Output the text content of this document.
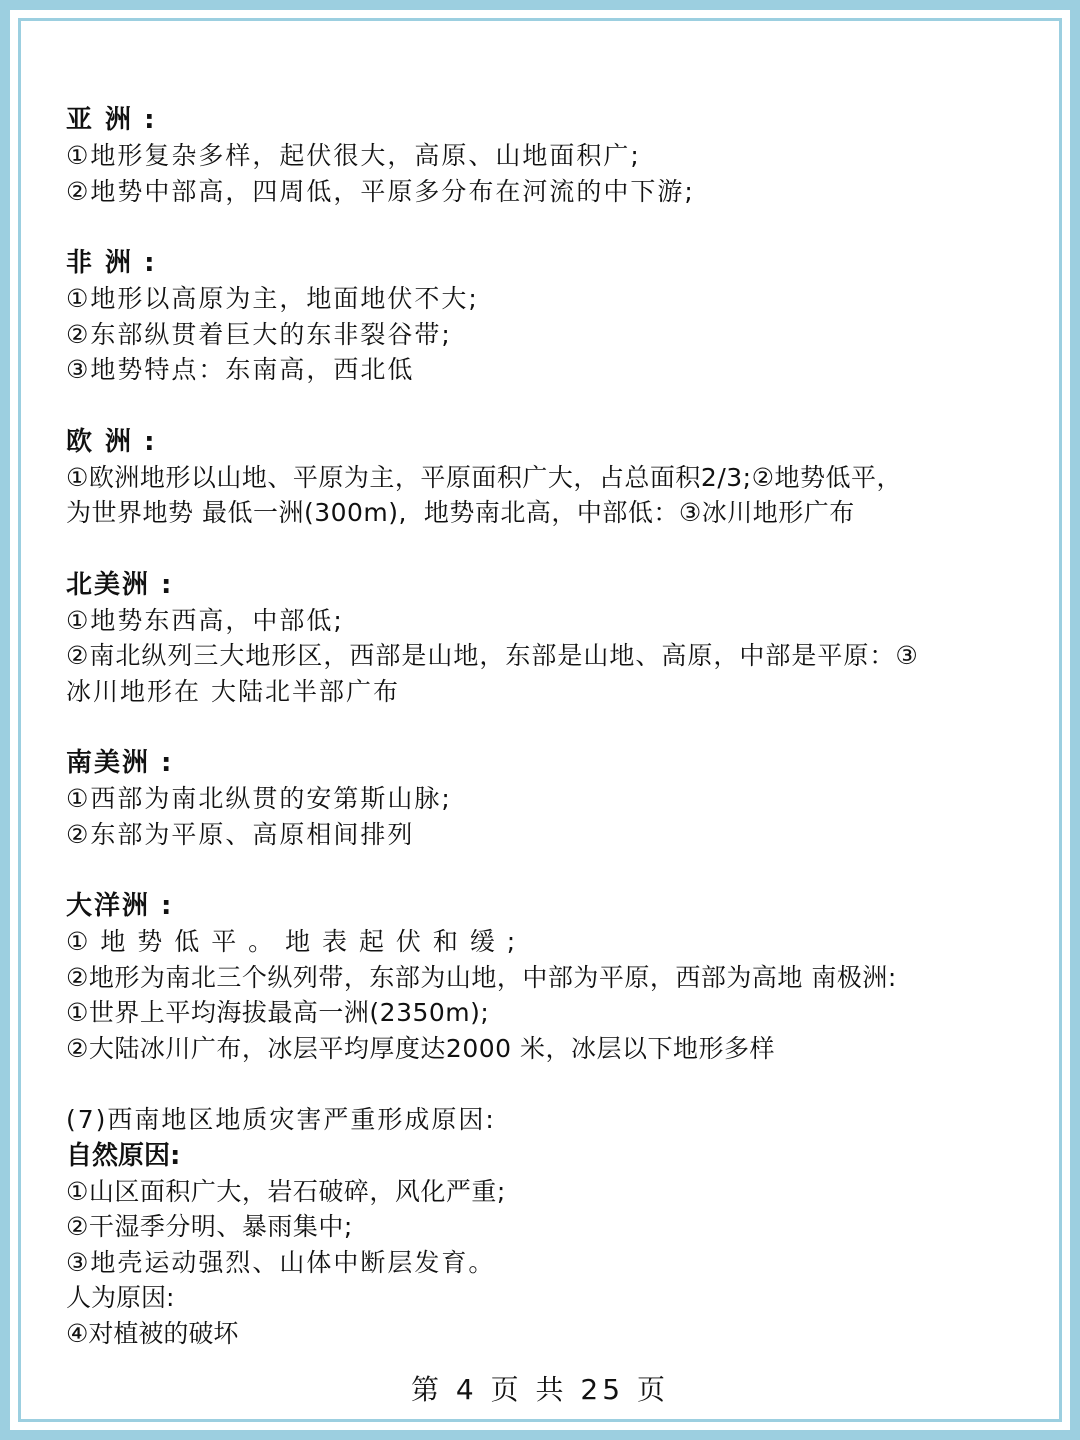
亚 洲 :
①地形复杂多样，起伏很大，高原、山地面积广;
②地势中部高，四周低，平原多分布在河流的中下游;
非 洲 :
①地形以高原为主，地面地伏不大;
②东部纵贯着巨大的东非裂谷带;
③地势特点：东南高，西北低
欧 洲 :
①欧洲地形以山地、平原为主，平原面积广大，占总面积2/3;②地势低平，
为世界地势 最低一洲(300m),  地势南北高，中部低：③冰川地形广布
北美洲 :
①地势东西高，中部低;
②南北纵列三大地形区，西部是山地，东部是山地、高原，中部是平原：③
冰川地形在 大陆北半部广布
南美洲 :
①西部为南北纵贯的安第斯山脉;
②东部为平原、高原相间排列
大洋洲 :
① 地 势 低 平 。 地 表 起 伏 和 缓 ;
②地形为南北三个纵列带，东部为山地，中部为平原，西部为高地 南极洲:
①世界上平均海拔最高一洲(2350m);
②大陆冰川广布，冰层平均厚度达2000 米，冰层以下地形多样
(7)西南地区地质灾害严重形成原因:
自然原因:
①山区面积广大，岩石破碎，风化严重;
②干湿季分明、暴雨集中;
③地壳运动强烈、山体中断层发育。
人为原因:
④对植被的破坏
第 4 页 共 25 页
